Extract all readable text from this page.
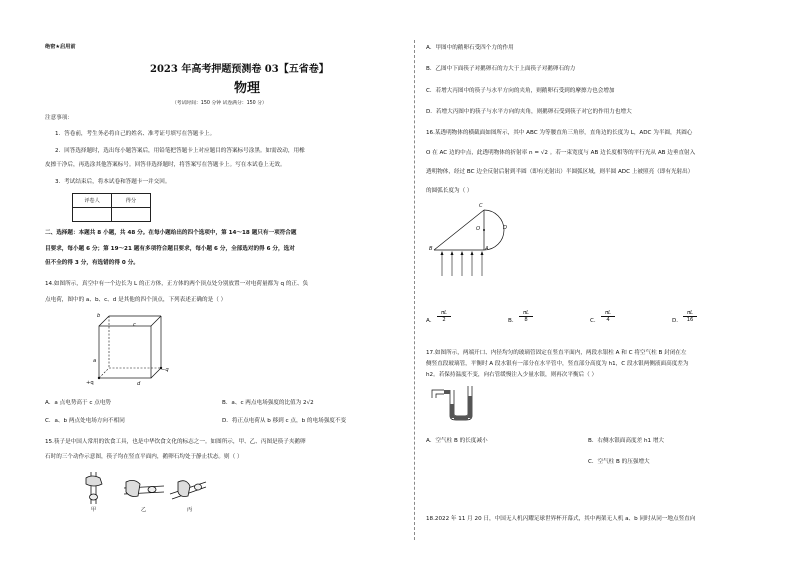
绝密★启用前
2023 年高考押题预测卷 03【五省卷】
物理
（考试时间：150 分钟 试卷满分：150 分）
注意事项：
1．答卷前，考生务必将自己的姓名、准考证号填写在答题卡上。
2．回答选择题时，选出每小题答案后，用铅笔把答题卡上对应题目的答案标号涂黑。如需改动，用橡
皮擦干净后，再选涂其他答案标号。回答非选择题时，将答案写在答题卡上。写在本试卷上无效。
3．考试结束后，将本试卷和答题卡一并交回。
评卷人	得分

二、选择题：本题共 8 小题，共 48 分。在每小题给出的四个选项中，第 14～18 题只有一项符合题
目要求，每小题 6 分；第 19～21 题有多项符合题目要求，每小题 6 分，全部选对的得 6 分，选对
但不全的得 3 分，有选错的得 0 分。
14.如图所示，真空中有一个边长为 L 的正方体，正方体的两个顶点处分别放置一对电荷量都为 q 的正、负
点电荷，图中的 a、b、c、d 是其他的四个顶点，下列表述正确的是（ ）
b
c
a
−q
+q	d
A．a 点电势高于 c 点电势	B．a、c 两点电场强度的比值为 2√2
C．a、b 两点处电场方向不相同	D．将正点电荷从 b 移到 c 点，b 的电场强度不变
15.筷子是中国人常用的饮食工具，也是中华饮食文化的标志之一。如图所示，甲、乙、丙图是筷子夹鹅卵
石时的三个动作示意图，筷子均在竖直平面内，鹅卵石均处于静止状态。则（ ）
甲	乙	丙
A．甲图中的鹅卵石受四个力的作用
B．乙图中下面筷子对鹅卵石的力大于上面筷子对鹅卵石的力
C．若增大丙图中的筷子与水平方向的夹角，则鹅卵石受到的摩擦力也会增加
D．若增大丙图中的筷子与水平方向的夹角，则鹅卵石受到筷子对它的作用力也增大
16.某透明物体的横截面如图所示，其中 ABC 为等腰直角三角形，直角边的长度为 L，ADC 为半圆，其圆心
O 在 AC 边的中点，此透明物体的折射率 n = √2 。若一束宽度与 AB 边长度相等的平行光从 AB 边垂直射入
透明物体，经过 BC 边全反射后射到半圆（即有光射出）半圆弧区域，则半圆 ADC 上被照亮（即有光射出）
的圆弧长度为（ ）
C
O	D
B	A
A． $\frac{\pi L}{2}$	B． $\frac{\pi L}{8}$	C． $\frac{\pi L}{4}$	D． $\frac{\pi L}{16}$
17.如图所示，两端开口、内径均匀的玻璃管固定在竖直平面内，两段水银柱 A 和 C 将空气柱 B 封闭在左
侧竖直段玻璃管，平衡时 A 段水银有一部分在水平管中，竖直部分高度为 h1，C 段水银两侧液面高度差为
h2。若保持温度不变，向右管缓慢注入少量水银，则再次平衡后（ ）
A．空气柱 B 的长度减小	B．右侧水银面高度差 h1 增大
C．空气柱 B 的压强增大
18.2022 年 11 月 20 日，中国无人机闪耀足球世界杯开幕式，其中两架无人机 a、b 同时从同一地点竖直向
